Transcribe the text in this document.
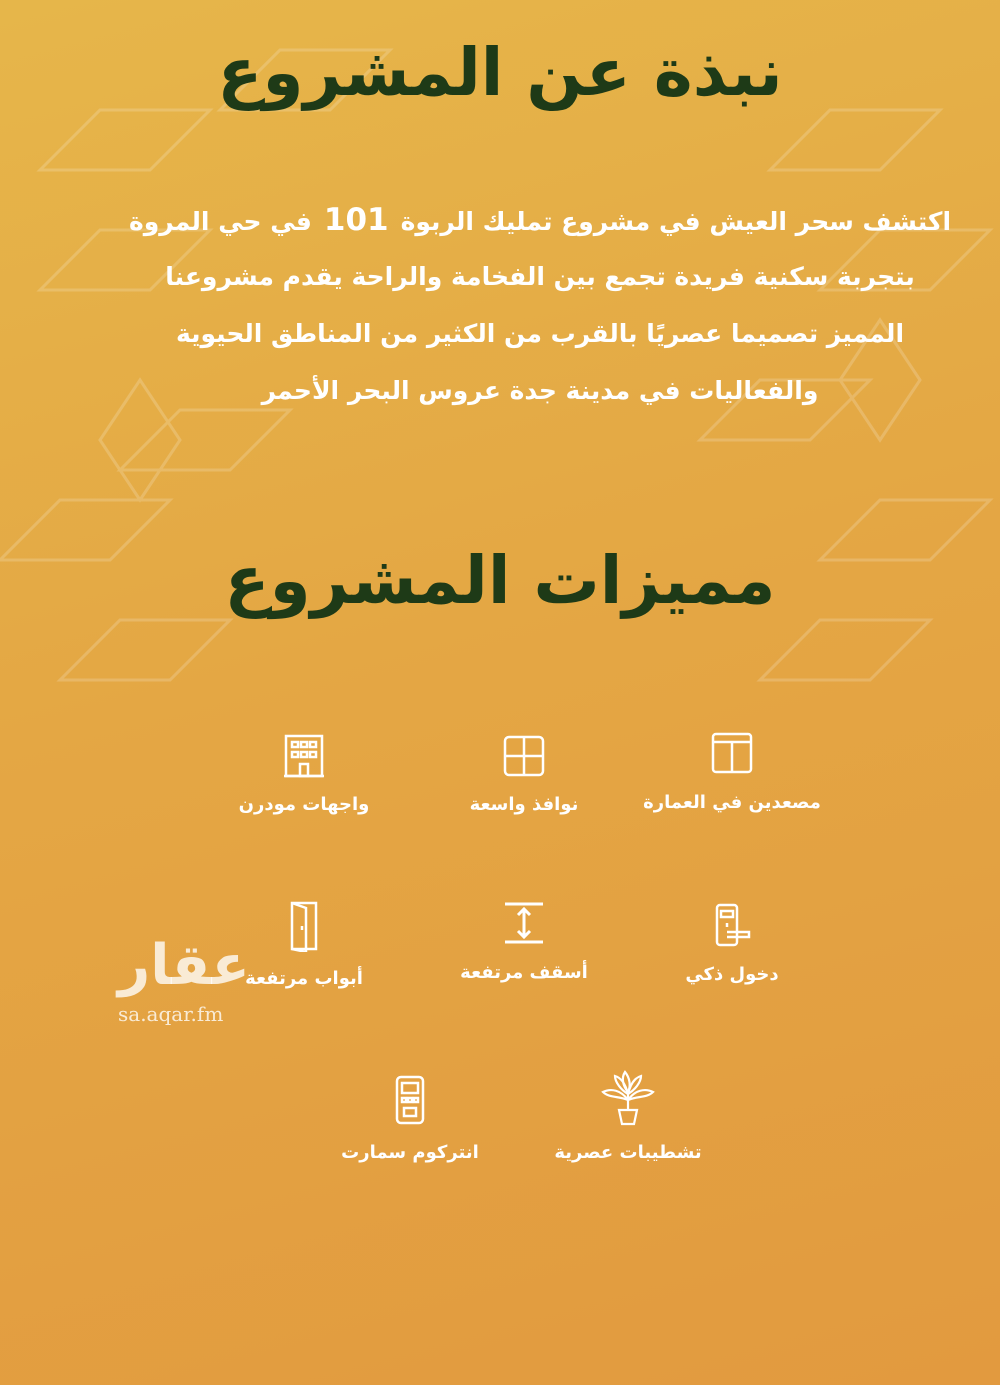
نبذة عن المشروع
اكتشف سحر العيش في مشروع تمليك الربوة101في حي المروة
بتجربة سكنية فريدة تجمع بين الفخامة والراحة يقدم مشروعنا
المميز تصميما عصريًا بالقرب من الكثير من المناطق الحيوية
والفعاليات في مدينة جدة عروس البحر الأحمر
مميزات المشروع
مصعدين في العمارة
نوافذ واسعة
واجهات مودرن
دخول ذكي
أسقف مرتفعة
أبواب مرتفعة
تشطيبات عصرية
انتركوم سمارت
عقار
sa.aqar.fm
